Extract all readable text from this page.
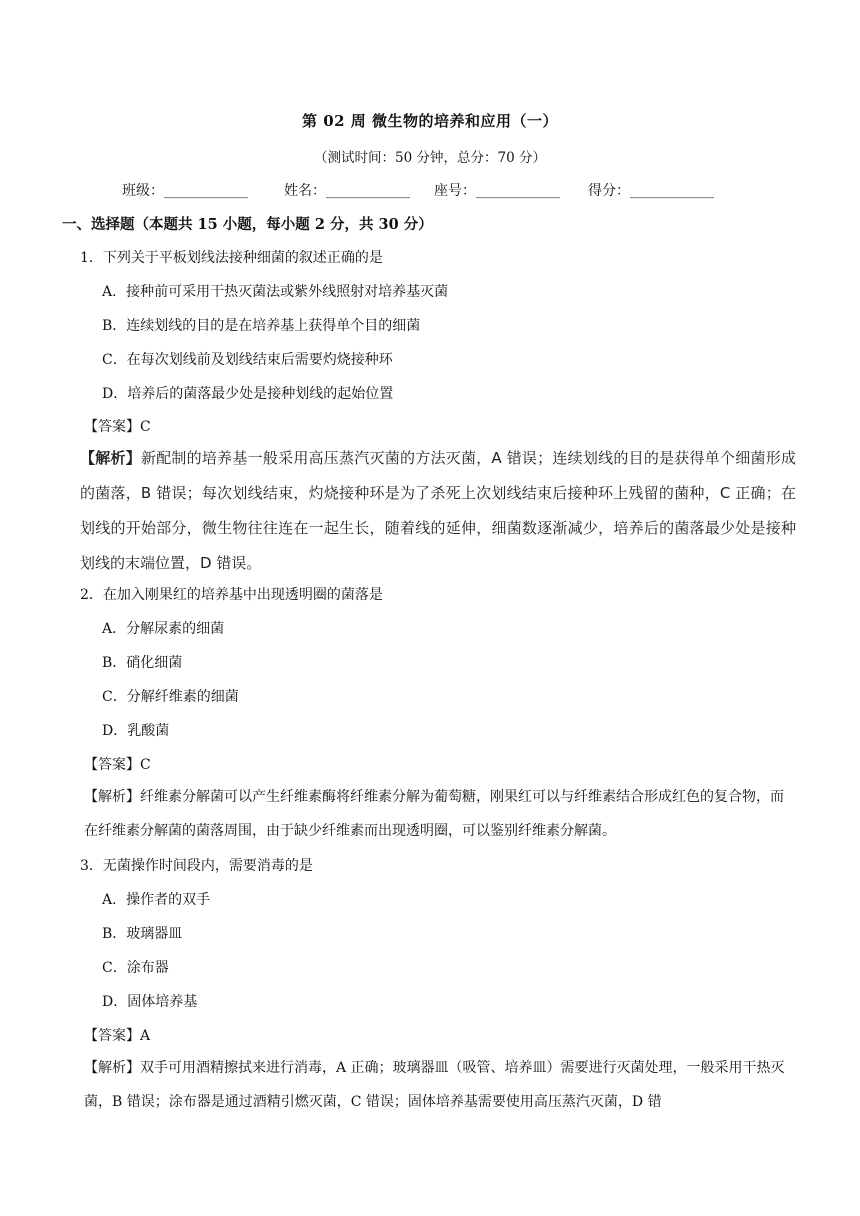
第 02 周 微生物的培养和应用（一）
（测试时间：50 分钟，总分：70 分）
班级：____________	姓名：____________ 座号：____________ 得分：____________
一、选择题（本题共 15 小题，每小题 2 分，共 30 分）
1．下列关于平板划线法接种细菌的叙述正确的是
A．接种前可采用干热灭菌法或紫外线照射对培养基灭菌
B．连续划线的目的是在培养基上获得单个目的细菌
C．在每次划线前及划线结束后需要灼烧接种环
D．培养后的菌落最少处是接种划线的起始位置
【答案】C
【解析】新配制的培养基一般采用高压蒸汽灭菌的方法灭菌，A 错误；连续划线的目的是获得单个细菌形成的菌落，B 错误；每次划线结束，灼烧接种环是为了杀死上次划线结束后接种环上残留的菌种，C 正确；在划线的开始部分，微生物往往连在一起生长，随着线的延伸，细菌数逐渐减少，培养后的菌落最少处是接种划线的末端位置，D 错误。
2．在加入刚果红的培养基中出现透明圈的菌落是
A．分解尿素的细菌
B．硝化细菌
C．分解纤维素的细菌
D．乳酸菌
【答案】C
【解析】纤维素分解菌可以产生纤维素酶将纤维素分解为葡萄糖，刚果红可以与纤维素结合形成红色的复合物，而在纤维素分解菌的菌落周围，由于缺少纤维素而出现透明圈，可以鉴别纤维素分解菌。
3．无菌操作时间段内，需要消毒的是
A．操作者的双手
B．玻璃器皿
C．涂布器
D．固体培养基
【答案】A
【解析】双手可用酒精擦拭来进行消毒，A 正确；玻璃器皿（吸管、培养皿）需要进行灭菌处理，一般采用干热灭菌，B 错误；涂布器是通过酒精引燃灭菌，C 错误；固体培养基需要使用高压蒸汽灭菌，D 错
